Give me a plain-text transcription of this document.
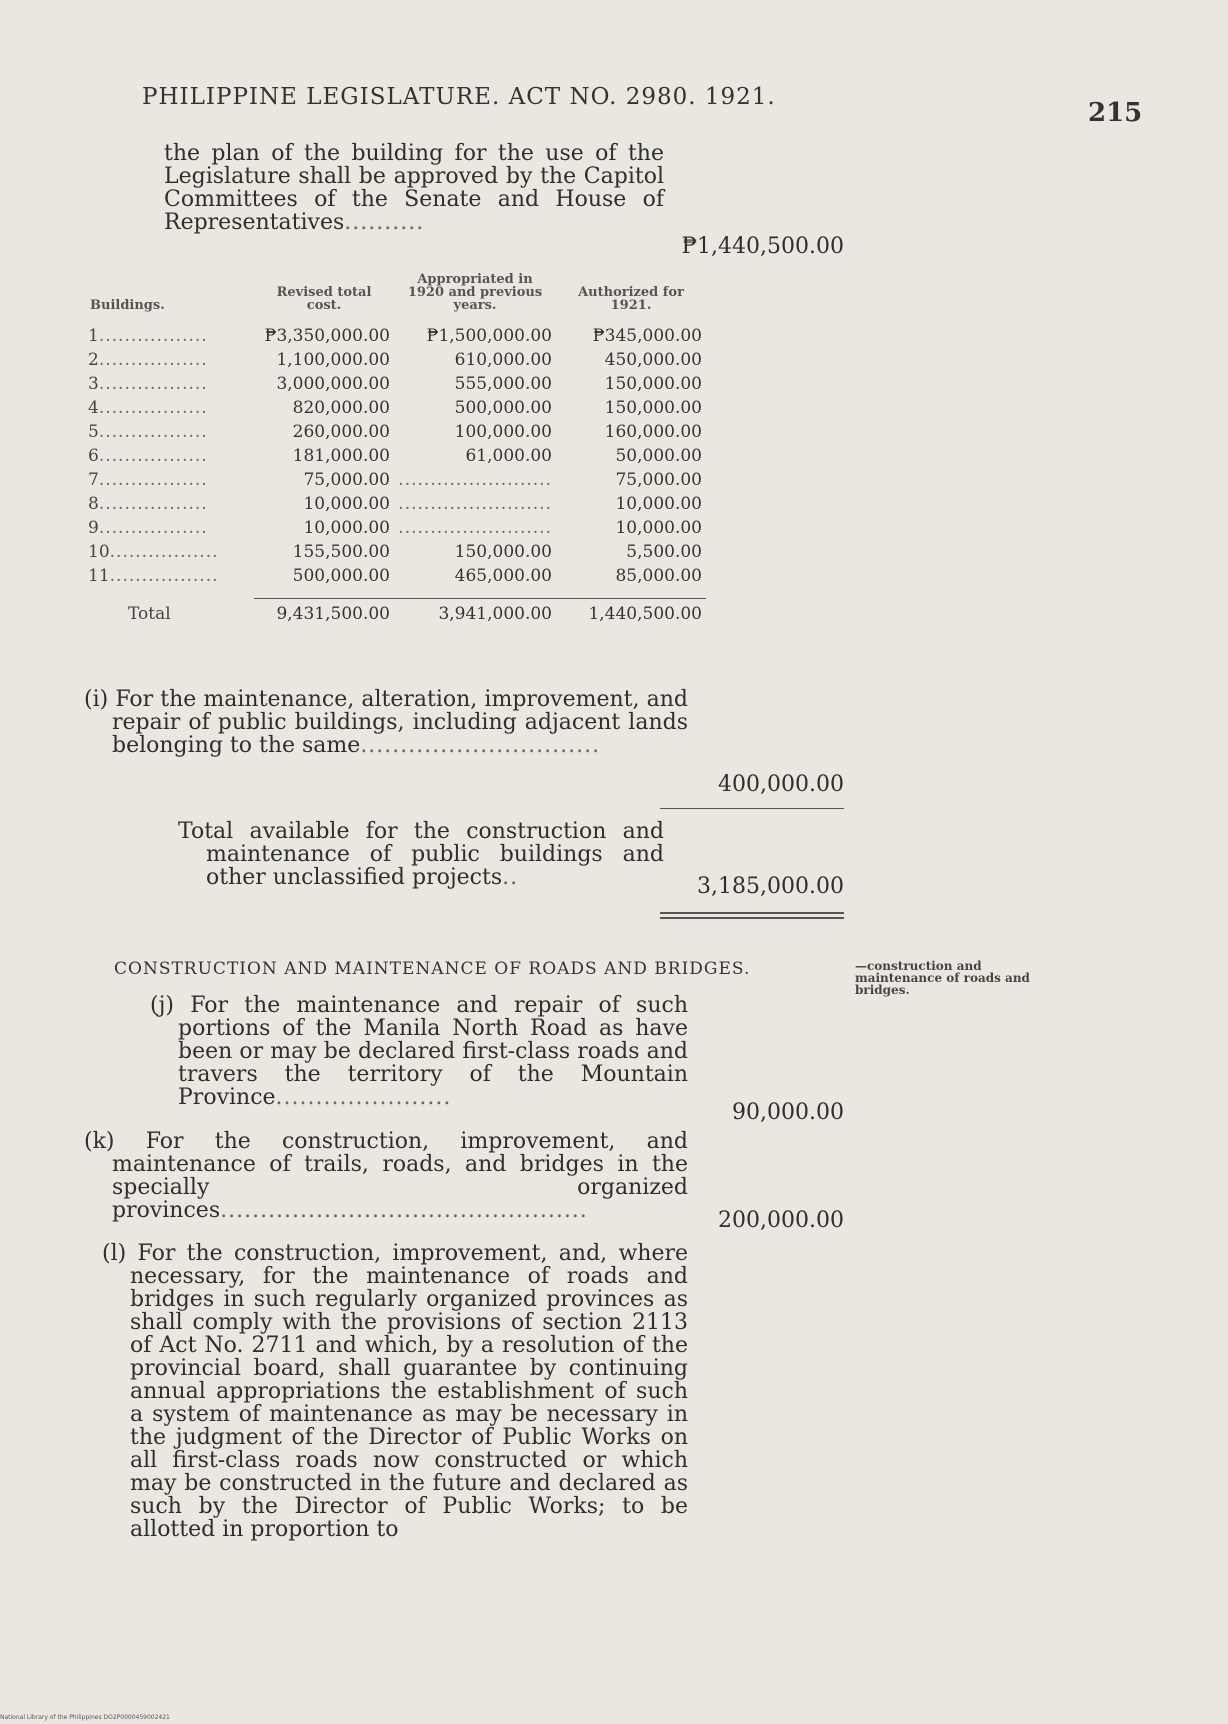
PHILIPPINE LEGISLATURE. ACT NO. 2980. 1921.
215
the plan of the building for the use of the Legislature shall be approved by the Capitol Committees of the Senate and House of Representatives..........
₱1,440,500.00
Buildings.	Revised total cost.	Appropriated in 1920 and previous years.	Authorized for 1921.
1.................	₱3,350,000.00	₱1,500,000.00	₱345,000.00
2.................	1,100,000.00	610,000.00	450,000.00
3.................	3,000,000.00	555,000.00	150,000.00
4.................	820,000.00	500,000.00	150,000.00
5.................	260,000.00	100,000.00	160,000.00
6.................	181,000.00	61,000.00	50,000.00
7.................	75,000.00	........................	75,000.00
8.................	10,000.00	........................	10,000.00
9.................	10,000.00	........................	10,000.00
10.................	155,500.00	150,000.00	5,500.00
11.................	500,000.00	465,000.00	85,000.00

Total	9,431,500.00	3,941,000.00	1,440,500.00
(i) For the maintenance, alteration, improvement, and repair of public buildings, including adjacent lands belonging to the same..............................
400,000.00
Total available for the construction and maintenance of public buildings and other unclassified projects..	3,185,000.00
CONSTRUCTION AND MAINTENANCE OF ROADS AND BRIDGES.	—construction and maintenance of roads and bridges.
(j) For the maintenance and repair of such portions of the Manila North Road as have been or may be declared first-class roads and travers the territory of the Mountain Province......................
90,000.00
(k) For the construction, improvement, and maintenance of trails, roads, and bridges in the specially organized provinces..............................................	200,000.00
(l) For the construction, improvement, and, where necessary, for the maintenance of roads and bridges in such regularly organized provinces as shall comply with the provisions of section 2113 of Act No. 2711 and which, by a resolution of the provincial board, shall guarantee by continuing annual appropriations the establishment of such a system of maintenance as may be necessary in the judgment of the Director of Public Works on all first-class roads now constructed or which may be constructed in the future and declared as such by the Director of Public Works; to be allotted in proportion to
National Library of the Philippines DO2P0000459002421
